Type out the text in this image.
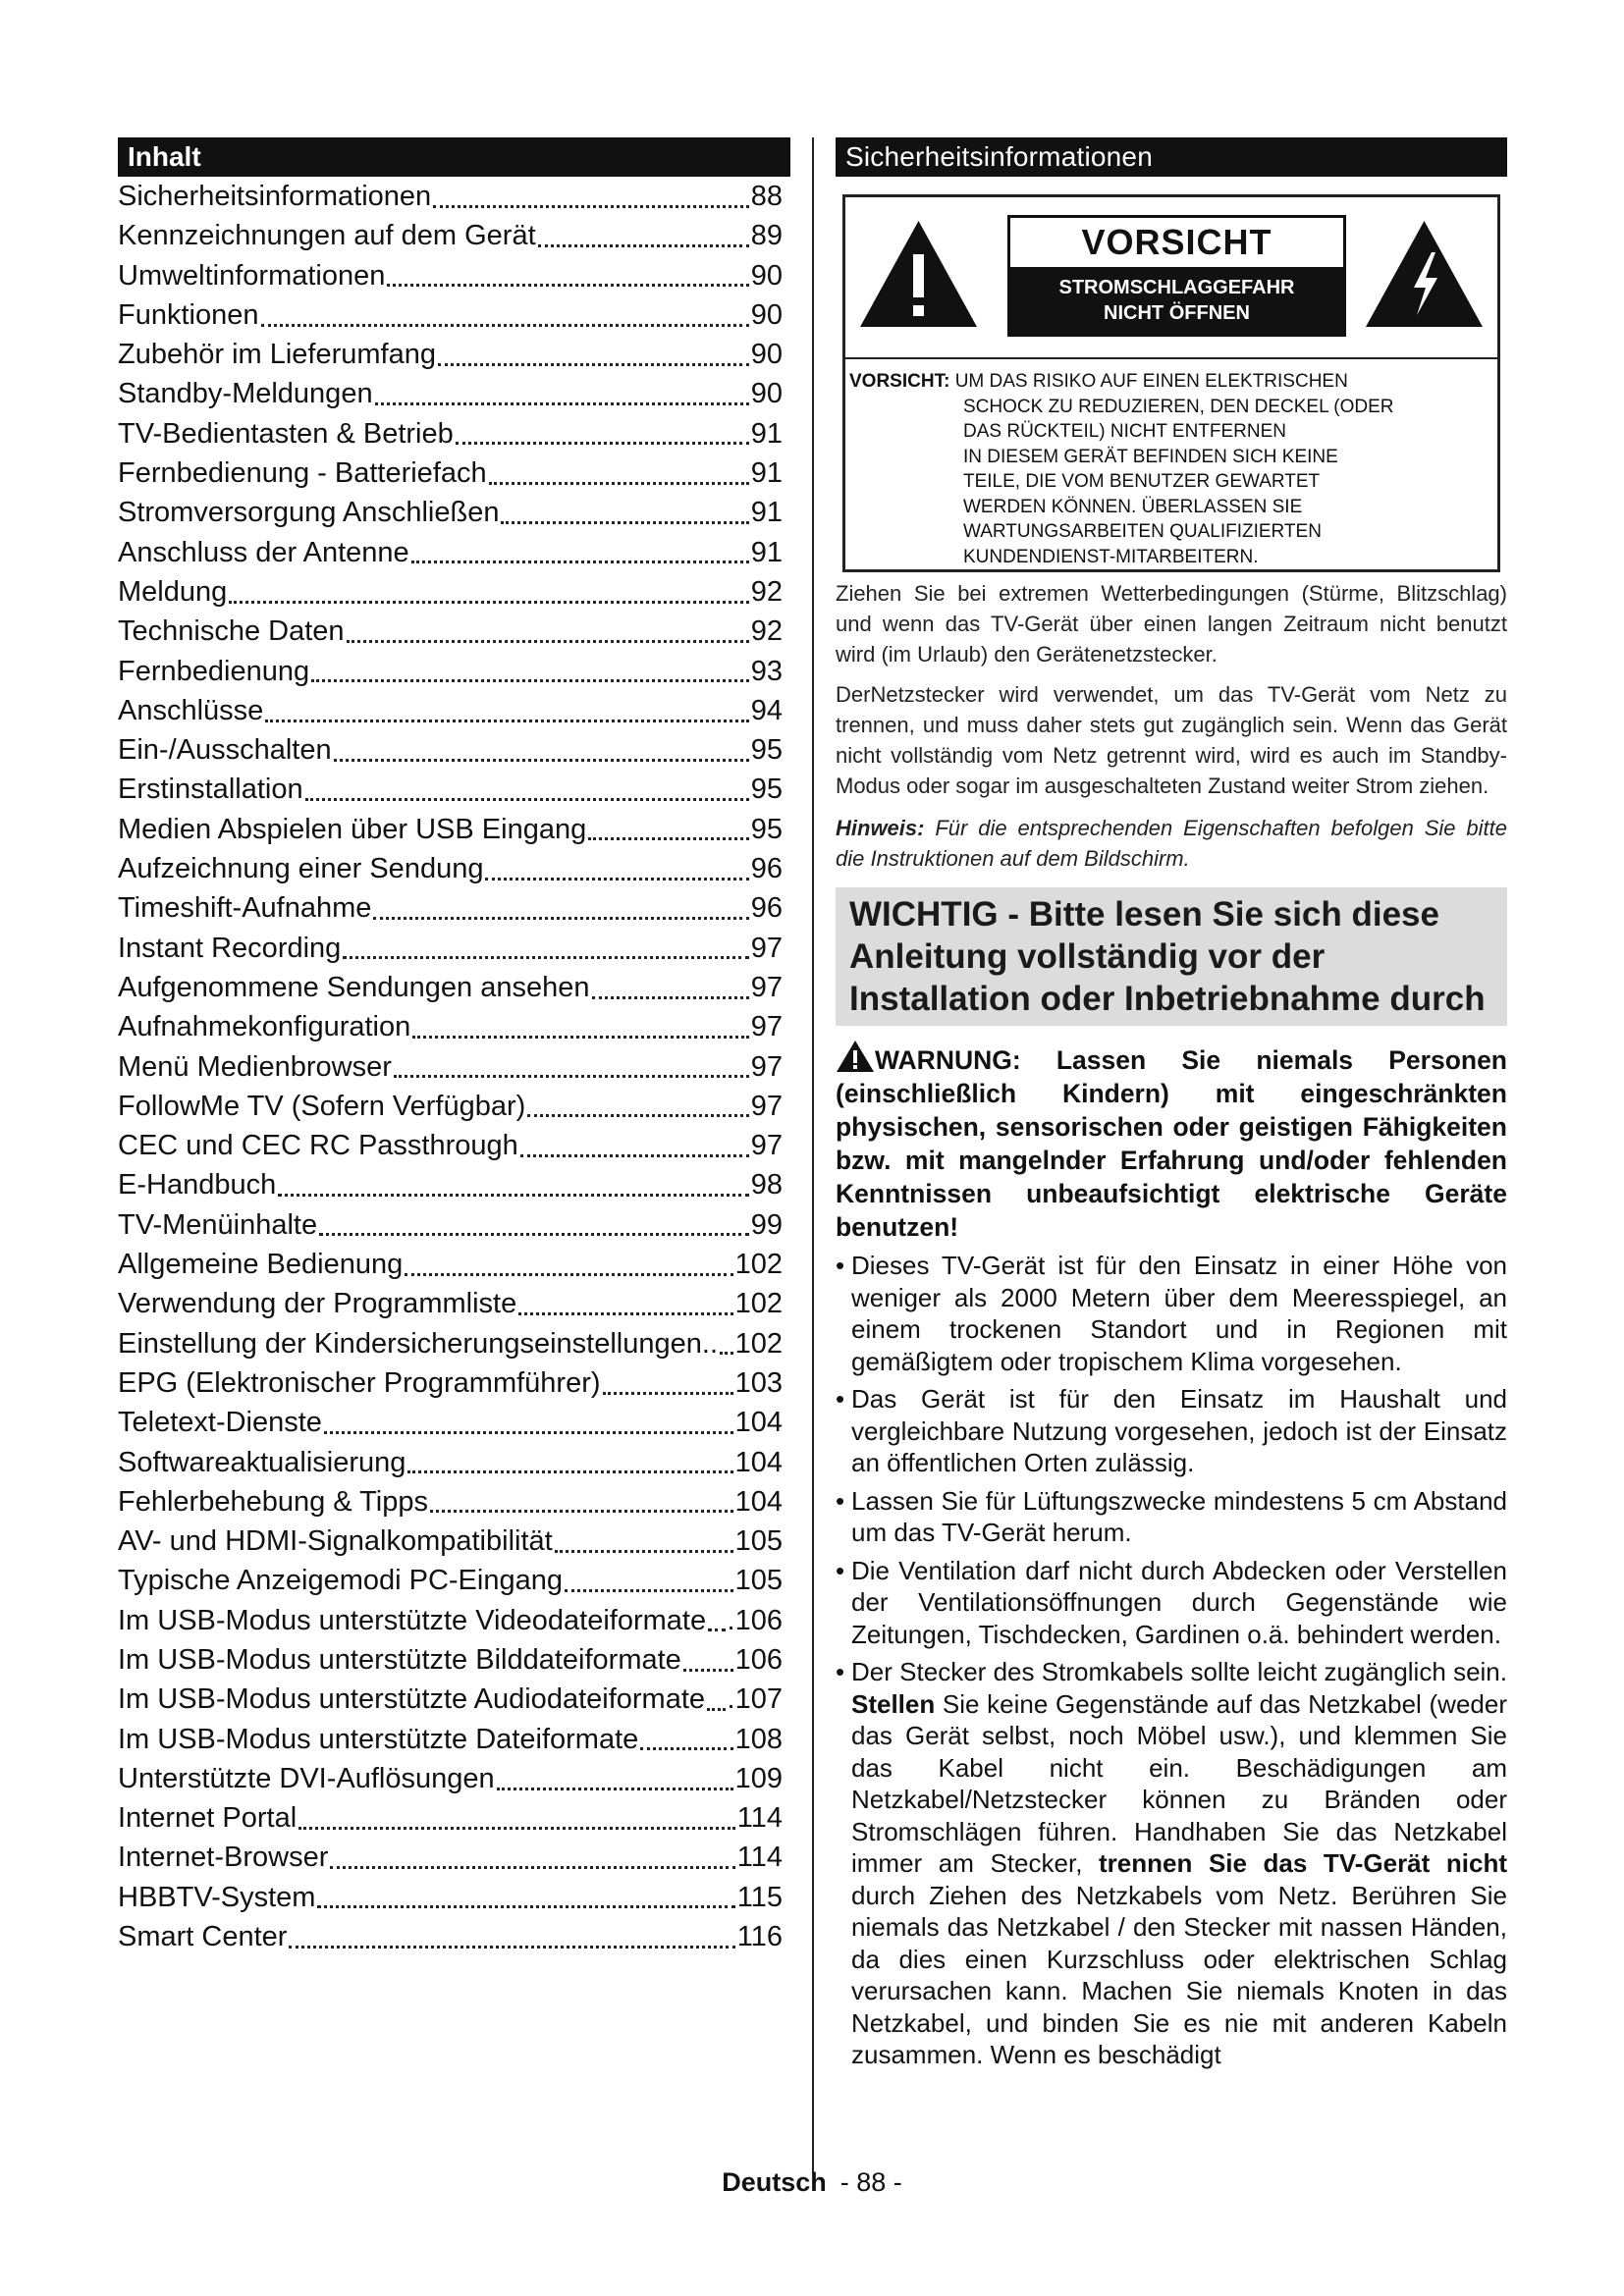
Inhalt
Sicherheitsinformationen	88
Kennzeichnungen auf dem Gerät	89
Umweltinformationen	90
Funktionen	90
Zubehör im Lieferumfang	90
Standby-Meldungen	90
TV-Bedientasten & Betrieb	91
Fernbedienung - Batteriefach	91
Stromversorgung Anschließen	91
Anschluss der Antenne	91
Meldung	92
Technische Daten	92
Fernbedienung	93
Anschlüsse	94
Ein-/Ausschalten	95
Erstinstallation	95
Medien Abspielen über USB Eingang	95
Aufzeichnung einer Sendung	96
Timeshift-Aufnahme	96
Instant Recording	97
Aufgenommene Sendungen ansehen	97
Aufnahmekonfiguration	97
Menü Medienbrowser	97
FollowMe TV (Sofern Verfügbar)	97
CEC und CEC RC Passthrough	97
E-Handbuch	98
TV-Menüinhalte	99
Allgemeine Bedienung	102
Verwendung der Programmliste	102
Einstellung der Kindersicherungseinstellungen.. 102
EPG (Elektronischer Programmführer)	103
Teletext-Dienste	104
Softwareaktualisierung	104
Fehlerbehebung & Tipps	104
AV- und HDMI-Signalkompatibilität	105
Typische Anzeigemodi PC-Eingang	105
Im USB-Modus unterstützte Videodateiformate .106
Im USB-Modus unterstützte Bilddateiformate 106
Im USB-Modus unterstützte Audiodateiformate .107
Im USB-Modus unterstützte Dateiformate	108
Unterstützte DVI-Auflösungen	109
Internet Portal	114
Internet-Browser	114
HBBTV-System	115
Smart Center	116
Sicherheitsinformationen
VORSICHT
STROMSCHLAGGEFAHR
NICHT ÖFFNEN
VORSICHT: UM DAS RISIKO AUF EINEN ELEKTRISCHEN
SCHOCK ZU REDUZIEREN, DEN DECKEL (ODER
DAS RÜCKTEIL) NICHT ENTFERNEN
IN DIESEM GERÄT BEFINDEN SICH KEINE
TEILE, DIE VOM BENUTZER GEWARTET
WERDEN KÖNNEN. ÜBERLASSEN SIE
WARTUNGSARBEITEN QUALIFIZIERTEN
KUNDENDIENST-MITARBEITERN.

Ziehen Sie bei extremen Wetterbedingungen (Stürme, Blitzschlag) und wenn das TV-Gerät über einen langen Zeitraum nicht benutzt wird (im Urlaub) den Gerätenetzstecker.

DerNetzstecker wird verwendet, um das TV-Gerät vom Netz zu trennen, und muss daher stets gut zugänglich sein. Wenn das Gerät nicht vollständig vom Netz getrennt wird, wird es auch im Standby-Modus oder sogar im ausgeschalteten Zustand weiter Strom ziehen.

Hinweis: Für die entsprechenden Eigenschaften befolgen Sie bitte die Instruktionen auf dem Bildschirm.

WICHTIG - Bitte lesen Sie sich diese Anleitung vollständig vor der Installation oder Inbetriebnahme durch

WARNUNG: Lassen Sie niemals Personen (einschließlich Kindern) mit eingeschränkten physischen, sensorischen oder geistigen Fähigkeiten bzw. mit mangelnder Erfahrung und/oder fehlenden Kenntnissen unbeaufsichtigt elektrische Geräte benutzen!

• Dieses TV-Gerät ist für den Einsatz in einer Höhe von weniger als 2000 Metern über dem Meeresspiegel, an einem trockenen Standort und in Regionen mit gemäßigtem oder tropischem Klima vorgesehen.
• Das Gerät ist für den Einsatz im Haushalt und vergleichbare Nutzung vorgesehen, jedoch ist der Einsatz an öffentlichen Orten zulässig.
• Lassen Sie für Lüftungszwecke mindestens 5 cm Abstand um das TV-Gerät herum.
• Die Ventilation darf nicht durch Abdecken oder Verstellen der Ventilationsöffnungen durch Gegenstände wie Zeitungen, Tischdecken, Gardinen o.ä. behindert werden.
• Der Stecker des Stromkabels sollte leicht zugänglich sein. Stellen Sie keine Gegenstände auf das Netzkabel (weder das Gerät selbst, noch Möbel usw.), und klemmen Sie das Kabel nicht ein. Beschädigungen am Netzkabel/Netzstecker können zu Bränden oder Stromschlägen führen. Handhaben Sie das Netzkabel immer am Stecker, trennen Sie das TV-Gerät nicht durch Ziehen des Netzkabels vom Netz. Berühren Sie niemals das Netzkabel / den Stecker mit nassen Händen, da dies einen Kurzschluss oder elektrischen Schlag verursachen kann. Machen Sie niemals Knoten in das Netzkabel, und binden Sie es nie mit anderen Kabeln zusammen. Wenn es beschädigt
Deutsch - 88 -
